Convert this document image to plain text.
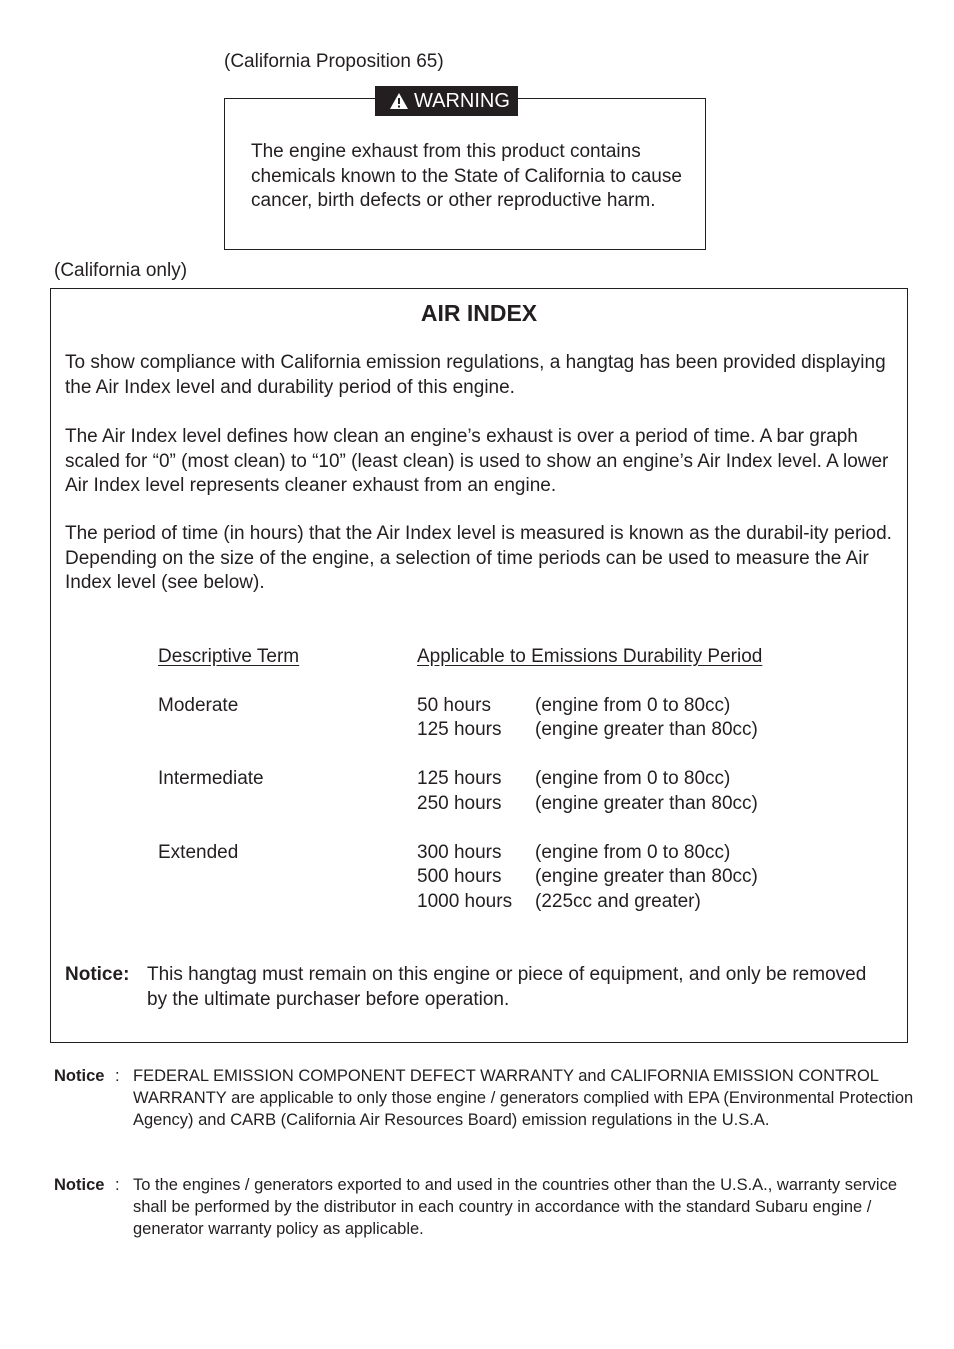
(California Proposition 65)
WARNING
The engine exhaust from this product contains chemicals known to the State of California to cause cancer, birth defects or other reproductive harm.
(California only)
AIR INDEX
To show compliance with California emission regulations, a hangtag has been provided displaying the Air Index level and durability period of this engine.
The Air Index level defines how clean an engine’s exhaust is over a period of time. A bar graph scaled for “0” (most clean) to “10” (least clean) is used to show an engine’s Air Index level. A lower Air Index level represents cleaner exhaust from an engine.
The period of time (in hours) that the Air Index level is measured is known as the durabil-ity period. Depending on the size of the engine, a selection of time periods can be used to measure the Air Index level (see below).
Descriptive Term	Applicable to Emissions Durability Period
Moderate	50 hours (engine from 0 to 80cc)
125 hours (engine greater than 80cc)
Intermediate	125 hours (engine from 0 to 80cc)
250 hours (engine greater than 80cc)
Extended	300 hours (engine from 0 to 80cc)
500 hours (engine greater than 80cc)
1000 hours (225cc and greater)
Notice: This hangtag must remain on this engine or piece of equipment, and only be removed by the ultimate purchaser before operation.
Notice : FEDERAL EMISSION COMPONENT DEFECT WARRANTY and CALIFORNIA EMISSION CONTROL WARRANTY are applicable to only those engine / generators complied with EPA (Environmental Protection Agency) and CARB (California Air Resources Board) emission regulations in the U.S.A.
Notice : To the engines / generators exported to and used in the countries other than the U.S.A., warranty service shall be performed by the distributor in each country in accordance with the standard Subaru engine / generator warranty policy as applicable.
